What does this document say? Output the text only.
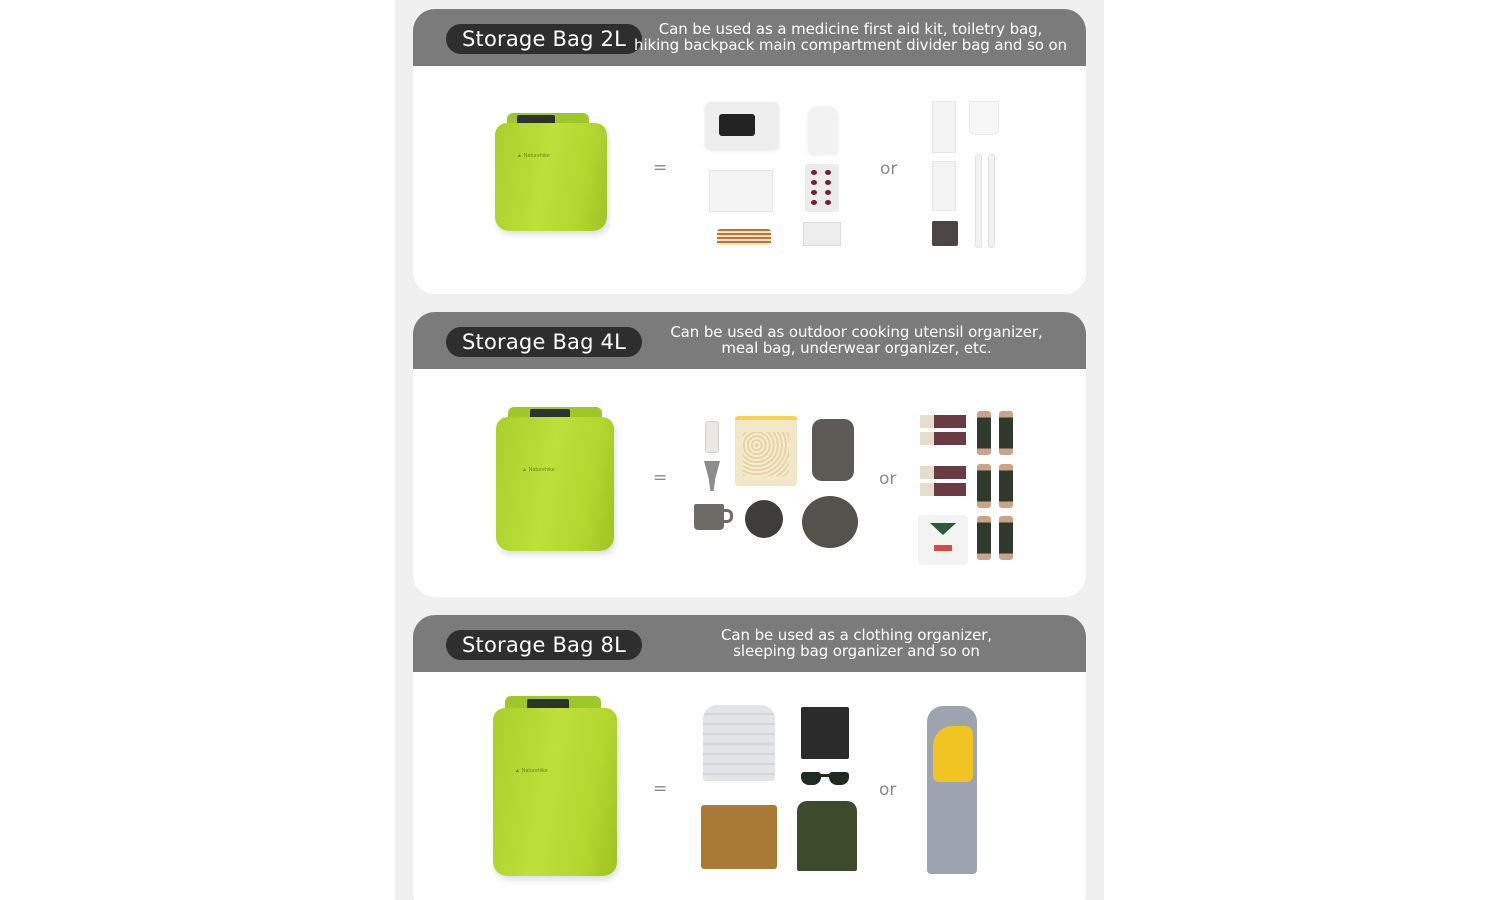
Storage Bag 2L	Can be used as a medicine first aid kit, toiletry bag,
hiking backpack main compartment divider bag and so on
▲ Naturehike
=	or
Storage Bag 4L	Can be used as outdoor cooking utensil organizer,
meal bag, underwear organizer, etc.
▲ Naturehike	=	or
Storage Bag 8L	Can be used as a clothing organizer,
sleeping bag organizer and so on
▲ Naturehike
=	or
